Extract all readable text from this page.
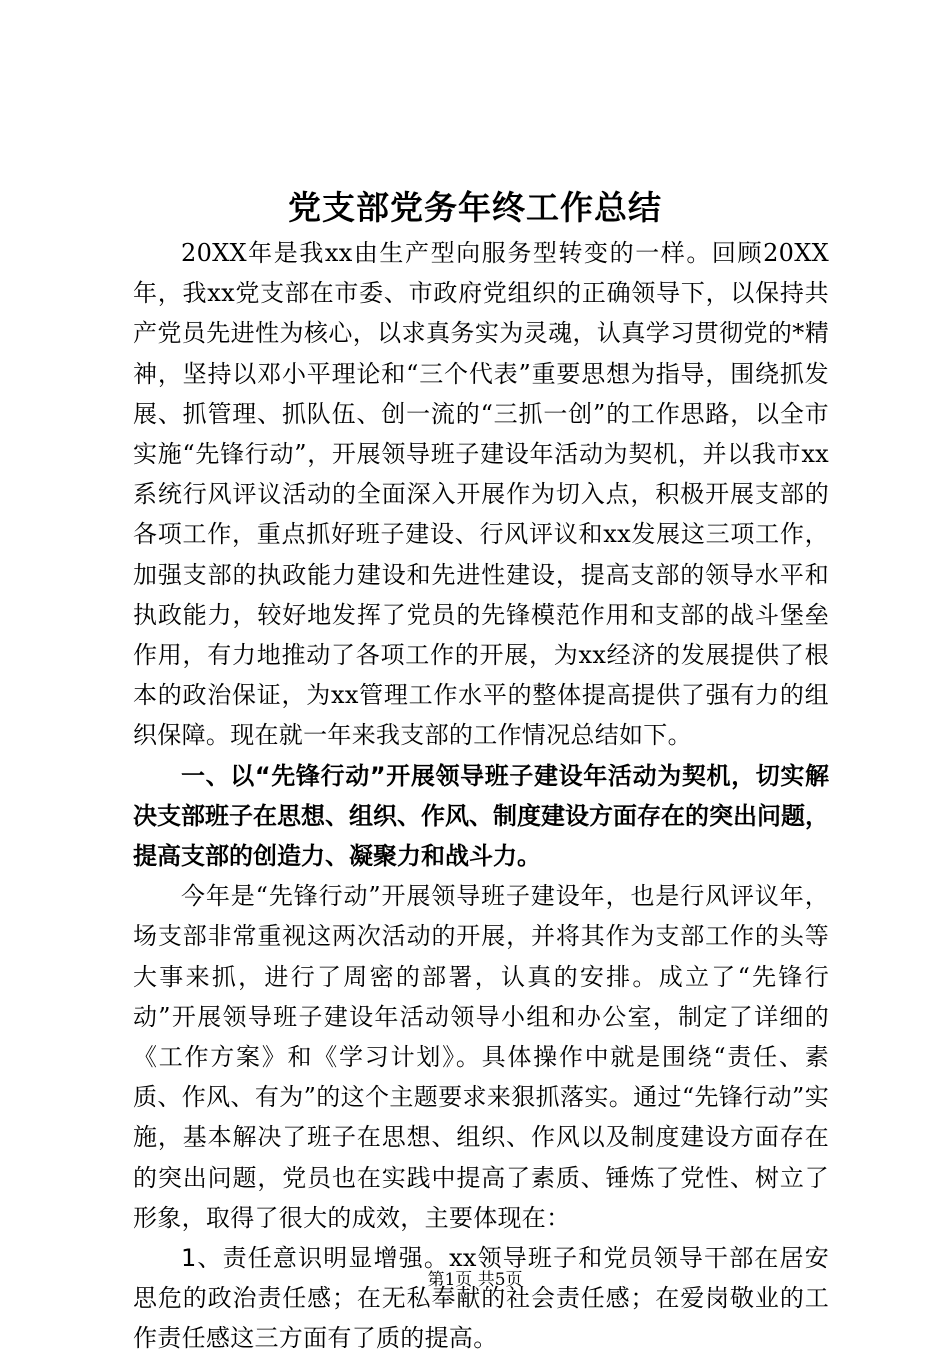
党支部党务年终工作总结

20XX年是我xx由生产型向服务型转变的一样。回顾20XX年，我xx党支部在市委、市政府党组织的正确领导下，以保持共产党员先进性为核心，以求真务实为灵魂，认真学习贯彻党的*精神，坚持以邓小平理论和“三个代表”重要思想为指导，围绕抓发展、抓管理、抓队伍、创一流的“三抓一创”的工作思路，以全市实施“先锋行动”，开展领导班子建设年活动为契机，并以我市xx系统行风评议活动的全面深入开展作为切入点，积极开展支部的各项工作，重点抓好班子建设、行风评议和xx发展这三项工作，加强支部的执政能力建设和先进性建设，提高支部的领导水平和执政能力，较好地发挥了党员的先锋模范作用和支部的战斗堡垒作用，有力地推动了各项工作的开展，为xx经济的发展提供了根本的政治保证，为xx管理工作水平的整体提高提供了强有力的组织保障。现在就一年来我支部的工作情况总结如下。

一、以“先锋行动”开展领导班子建设年活动为契机，切实解决支部班子在思想、组织、作风、制度建设方面存在的突出问题，提高支部的创造力、凝聚力和战斗力。

今年是“先锋行动”开展领导班子建设年，也是行风评议年，场支部非常重视这两次活动的开展，并将其作为支部工作的头等大事来抓，进行了周密的部署，认真的安排。成立了“先锋行动”开展领导班子建设年活动领导小组和办公室，制定了详细的《工作方案》和《学习计划》。具体操作中就是围绕“责任、素质、作风、有为”的这个主题要求来狠抓落实。通过“先锋行动”实施，基本解决了班子在思想、组织、作风以及制度建设方面存在的突出问题，党员也在实践中提高了素质、锤炼了党性、树立了形象，取得了很大的成效，主要体现在：

1、责任意识明显增强。xx领导班子和党员领导干部在居安思危的政治责任感；在无私奉献的社会责任感；在爱岗敬业的工作责任感这三方面有了质的提高。

第1页 共5页
